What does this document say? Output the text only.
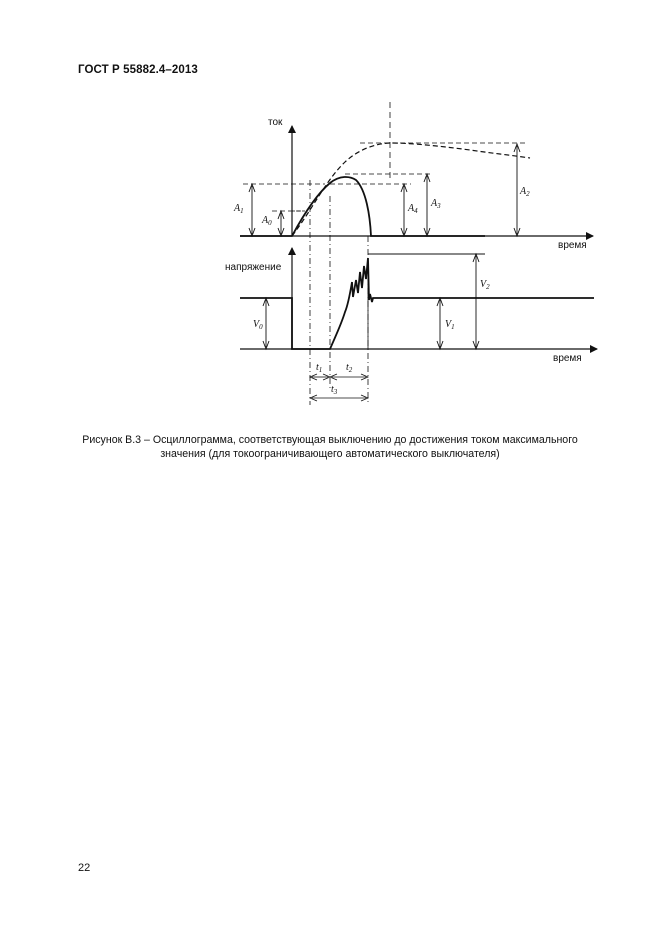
ГОСТ Р 55882.4–2013
ток
время
A1
A0
A4
A3
A2
напряжение
время
V0	V1
V2
t1 t2
t3
Рисунок В.3 – Осциллограмма, соответствующая выключению до достижения током максимального
значения (для токоограничивающего автоматического выключателя)
22
